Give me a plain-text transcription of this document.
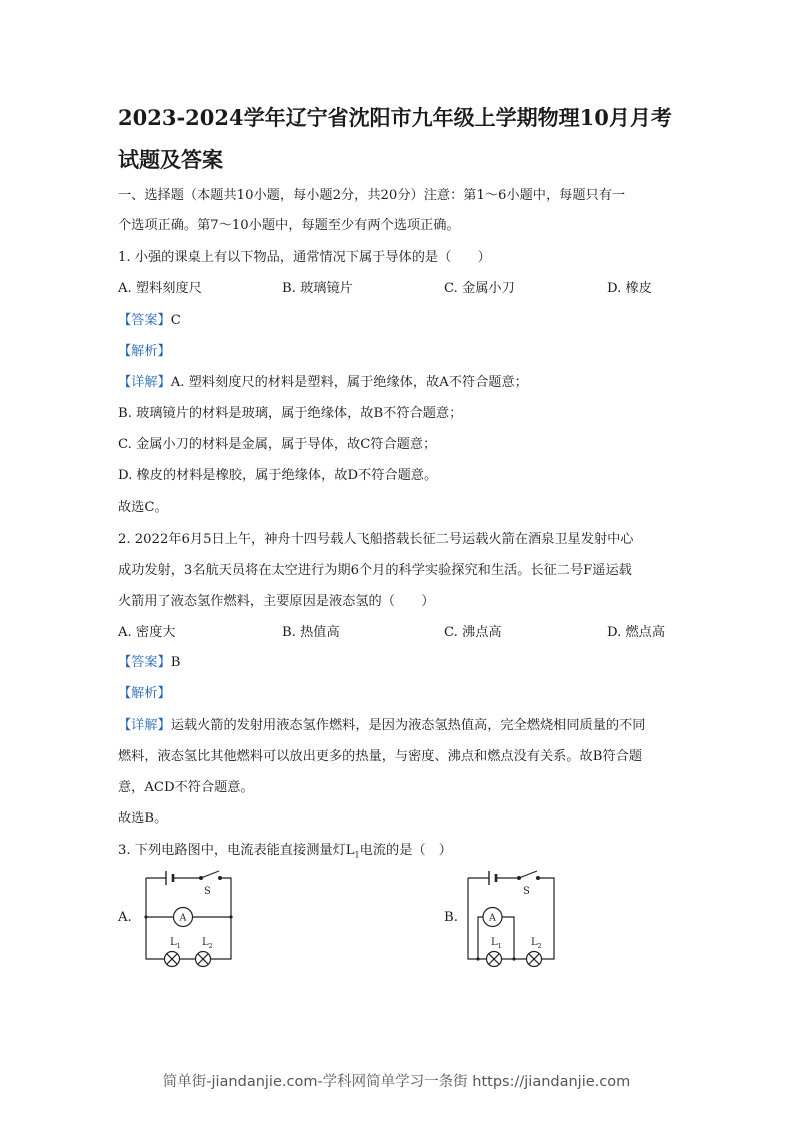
2023-2024学年辽宁省沈阳市九年级上学期物理10月月考
试题及答案
一、选择题（本题共10小题，每小题2分，共20分）注意：第1～6小题中，每题只有一
个选项正确。第7～10小题中，每题至少有两个选项正确。
1. 小强的课桌上有以下物品，通常情况下属于导体的是（　　）
A. 塑料刻度尺	B. 玻璃镜片	C. 金属小刀	D. 橡皮
【答案】C
【解析】
【详解】A. 塑料刻度尺的材料是塑料，属于绝缘体，故A不符合题意；
B. 玻璃镜片的材料是玻璃，属于绝缘体，故B不符合题意；
C. 金属小刀的材料是金属，属于导体，故C符合题意；
D. 橡皮的材料是橡胶，属于绝缘体，故D不符合题意。
故选C。
2. 2022年6月5日上午，神舟十四号载人飞船搭载长征二号运载火箭在酒泉卫星发射中心
成功发射，3名航天员将在太空进行为期6个月的科学实验探究和生活。长征二号F遥运载
火箭用了液态氢作燃料，主要原因是液态氢的（　　）
A. 密度大	B. 热值高	C. 沸点高	D. 燃点高
【答案】B
【解析】
【详解】运载火箭的发射用液态氢作燃料，是因为液态氢热值高，完全燃烧相同质量的不同
燃料，液态氢比其他燃料可以放出更多的热量，与密度、沸点和燃点没有关系。故B符合题
意，ACD不符合题意。
故选B。
3. 下列电路图中，电流表能直接测量灯$L_1$电流的是（　）
A.	B.
S
A
$L_1$ $L_2$
S
A
$L_1$	$L_2$
简单街-jiandanjie.com-学科网简单学习一条街 https://jiandanjie.com
